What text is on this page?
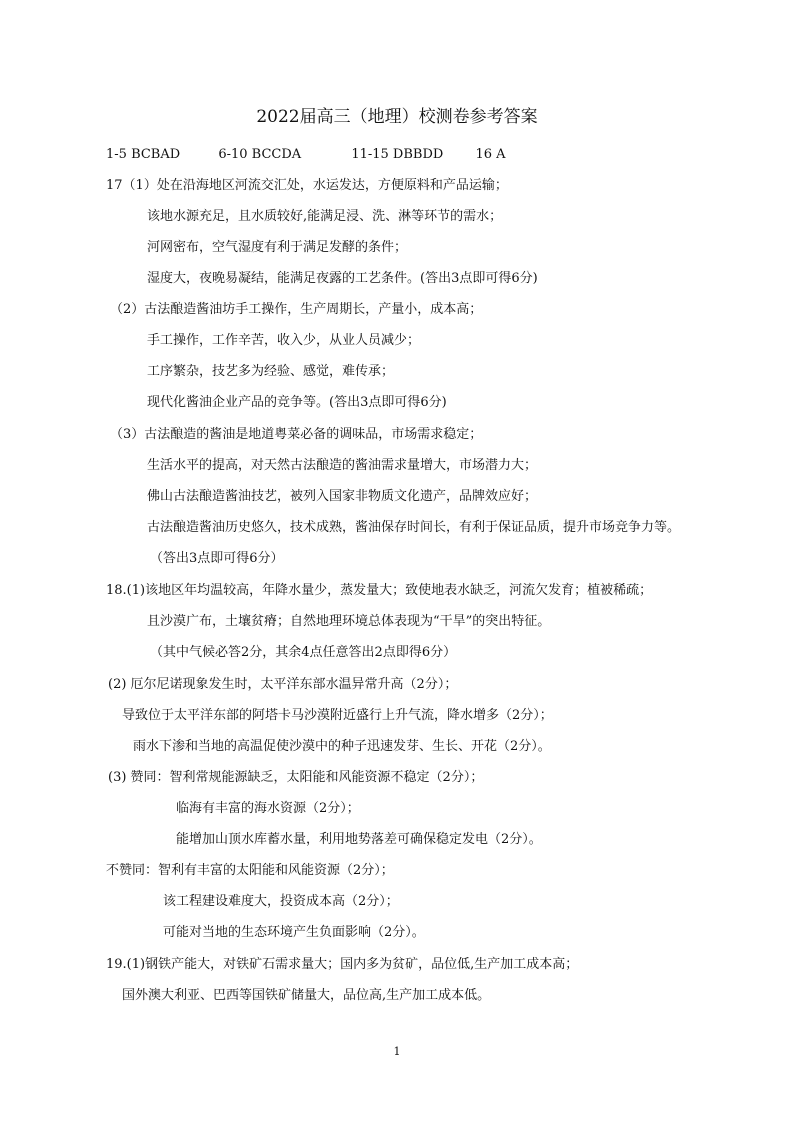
2022届高三（地理）校测卷参考答案
1-5 BCBAD	6-10 BCCDA	11-15 DBBDD 16 A
17（1）处在沿海地区河流交汇处，水运发达，方便原料和产品运输；
该地水源充足，且水质较好,能满足浸、洗、淋等环节的需水；
河网密布，空气湿度有利于满足发酵的条件；
湿度大，夜晚易凝结，能满足夜露的工艺条件。(答出3点即可得6分)
（2）古法酿造酱油坊手工操作，生产周期长，产量小，成本高；
手工操作，工作辛苦，收入少，从业人员减少；
工序繁杂，技艺多为经验、感觉，难传承；
现代化酱油企业产品的竞争等。(答出3点即可得6分)
（3）古法酿造的酱油是地道粤菜必备的调味品，市场需求稳定；
生活水平的提高，对天然古法酿造的酱油需求量增大，市场潜力大；
佛山古法酿造酱油技艺，被列入国家非物质文化遗产，品牌效应好；
古法酿造酱油历史悠久，技术成熟，酱油保存时间长，有利于保证品质，提升市场竞争力等。
（答出3点即可得6分）
18.(1)该地区年均温较高，年降水量少，蒸发量大；致使地表水缺乏，河流欠发育；植被稀疏；
且沙漠广布，土壤贫瘠；自然地理环境总体表现为“干旱”的突出特征。
（其中气候必答2分，其余4点任意答出2点即得6分）
(2) 厄尔尼诺现象发生时，太平洋东部水温异常升高（2分）；
导致位于太平洋东部的阿塔卡马沙漠附近盛行上升气流，降水增多（2分）；
雨水下渗和当地的高温促使沙漠中的种子迅速发芽、生长、开花（2分）。
(3) 赞同：智利常规能源缺乏，太阳能和风能资源不稳定（2分）；
临海有丰富的海水资源（2分）；
能增加山顶水库蓄水量，利用地势落差可确保稳定发电（2分）。
不赞同：智利有丰富的太阳能和风能资源（2分）；
该工程建设难度大，投资成本高（2分）；
可能对当地的生态环境产生负面影响（2分）。
19.(1)钢铁产能大，对铁矿石需求量大；国内多为贫矿，品位低,生产加工成本高；
国外澳大利亚、巴西等国铁矿储量大，品位高,生产加工成本低。
1
